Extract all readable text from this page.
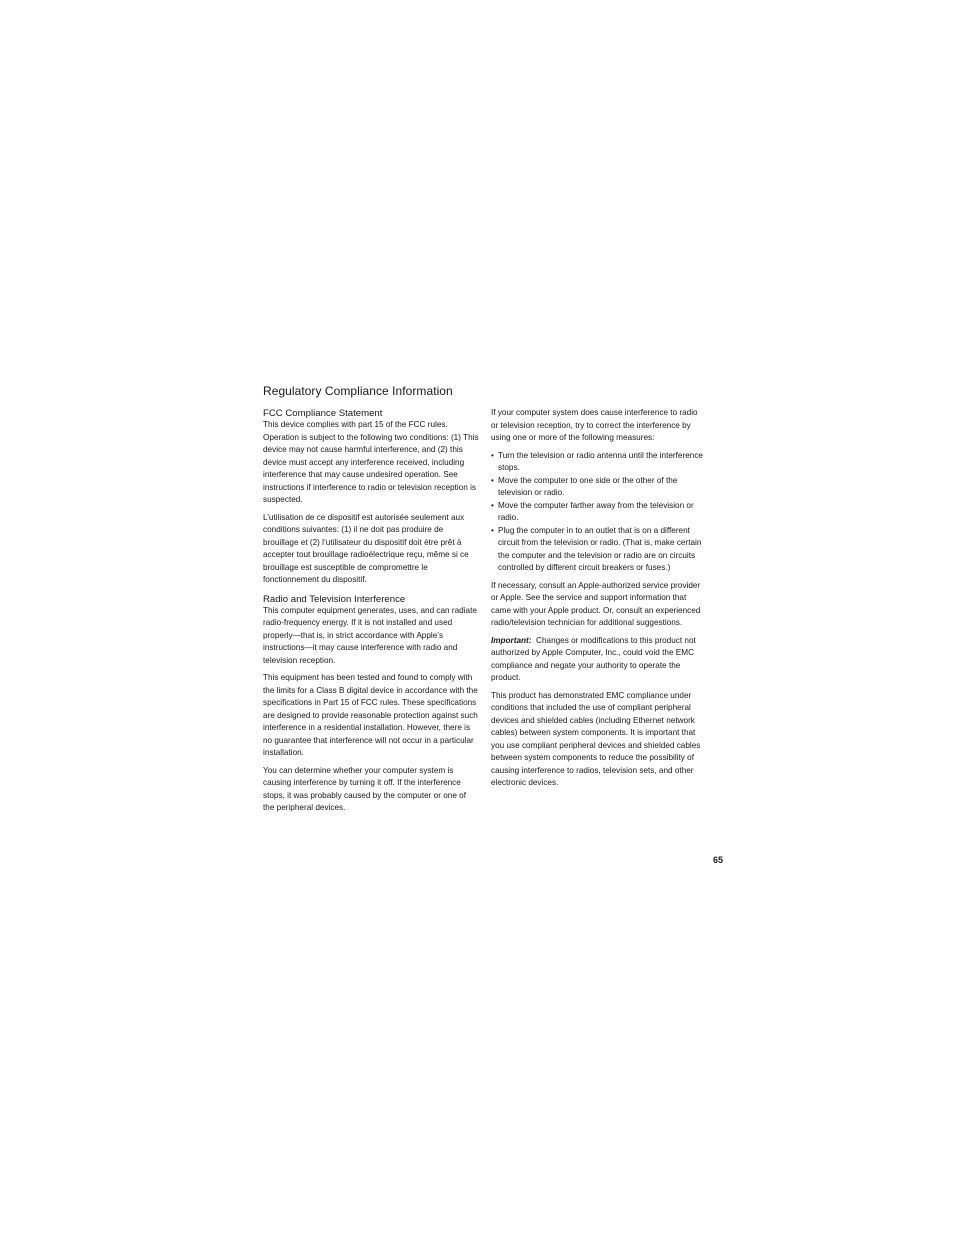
Regulatory Compliance Information
FCC Compliance Statement

This device complies with part 15 of the FCC rules. Operation is subject to the following two conditions: (1) This device may not cause harmful interference, and (2) this device must accept any interference received, including interference that may cause undesired operation. See instructions if interference to radio or television reception is suspected.

L’utilisation de ce dispositif est autorisée seulement aux conditions suivantes: (1) il ne doit pas produire de brouillage et (2) l’utilisateur du dispositif doit étre prêt à accepter tout brouillage radioélectrique reçu, même si ce brouillage est susceptible de compromettre le fonctionnement du dispositif.

Radio and Television Interference

This computer equipment generates, uses, and can radiate radio-frequency energy. If it is not installed and used properly—that is, in strict accordance with Apple’s instructions—it may cause interference with radio and television reception.

This equipment has been tested and found to comply with the limits for a Class B digital device in accordance with the specifications in Part 15 of FCC rules. These specifications are designed to provide reasonable protection against such interference in a residential installation. However, there is no guarantee that interference will not occur in a particular installation.

You can determine whether your computer system is causing interference by turning it off. If the interference stops, it was probably caused by the computer or one of the peripheral devices.

If your computer system does cause interference to radio or television reception, try to correct the interference by using one or more of the following measures:

• Turn the television or radio antenna until the interference stops.
• Move the computer to one side or the other of the television or radio.
• Move the computer farther away from the television or radio.
• Plug the computer in to an outlet that is on a different circuit from the television or radio. (That is, make certain the computer and the television or radio are on circuits controlled by different circuit breakers or fuses.)

If necessary, consult an Apple-authorized service provider or Apple. See the service and support information that came with your Apple product. Or, consult an experienced radio/television technician for additional suggestions.

Important: Changes or modifications to this product not authorized by Apple Computer, Inc., could void the EMC compliance and negate your authority to operate the product.

This product has demonstrated EMC compliance under conditions that included the use of compliant peripheral devices and shielded cables (including Ethernet network cables) between system components. It is important that you use compliant peripheral devices and shielded cables between system components to reduce the possibility of causing interference to radios, television sets, and other electronic devices.

65
